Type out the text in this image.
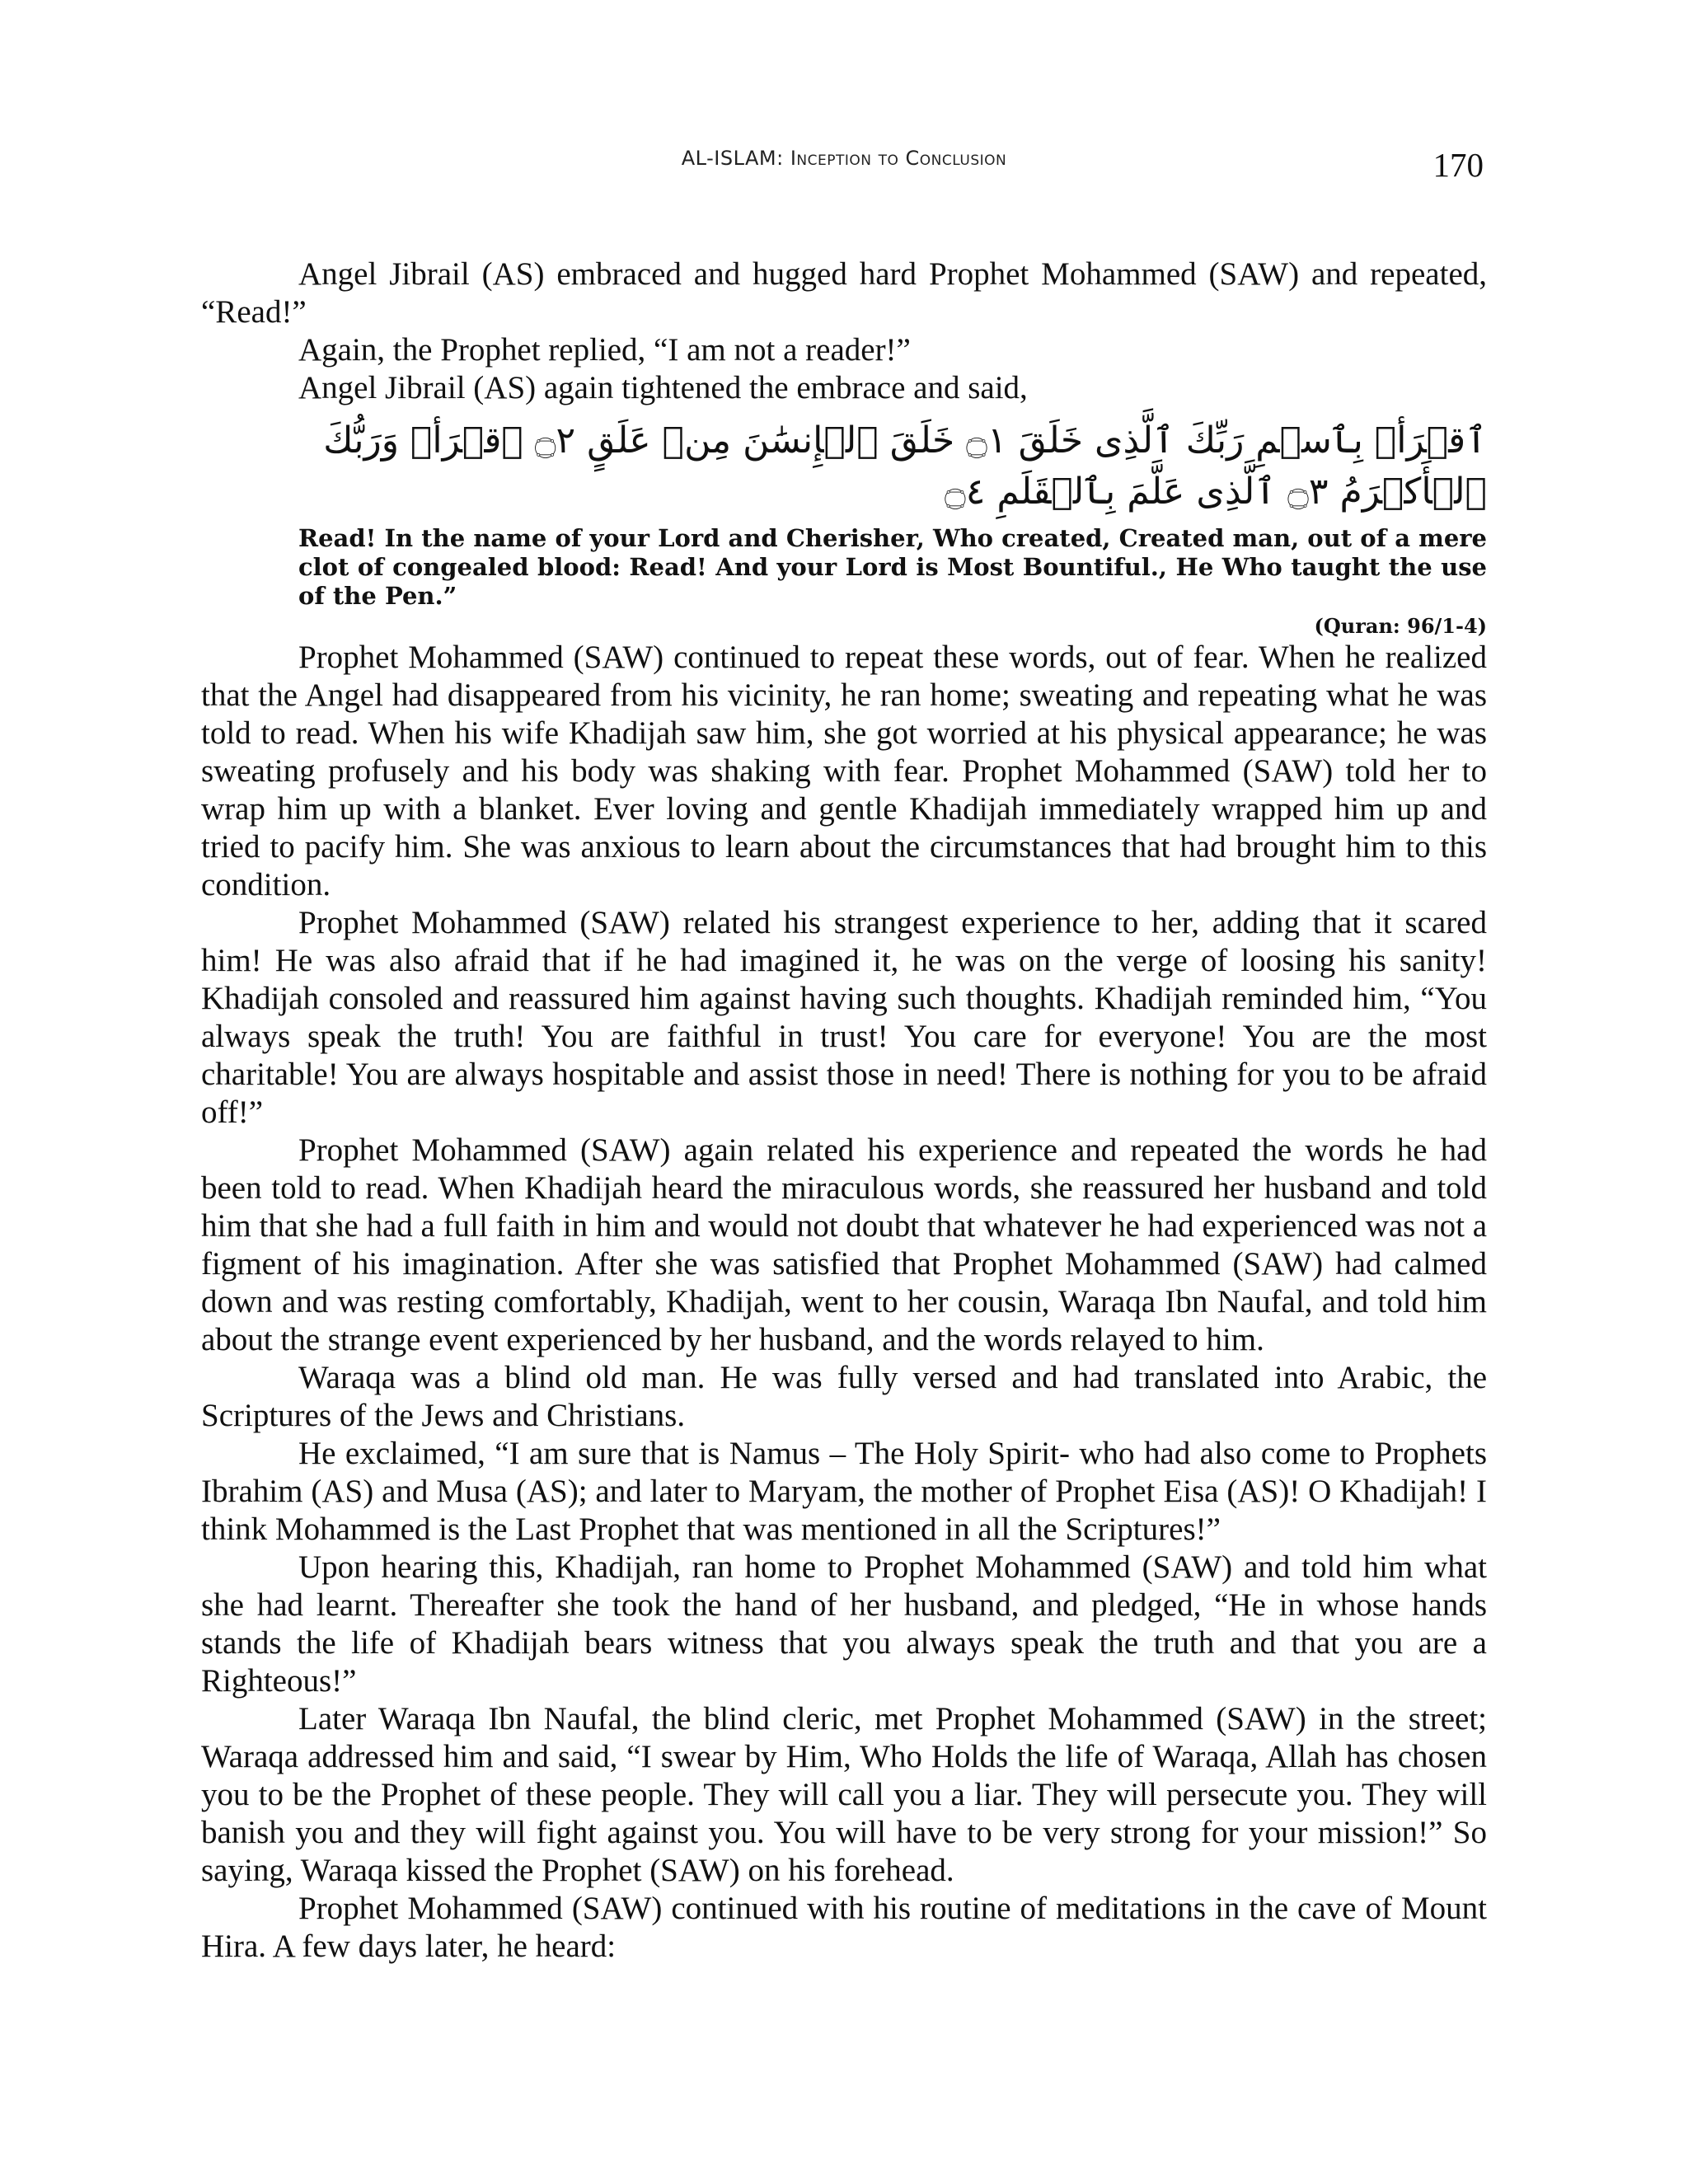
AL-ISLAM: Inception to Conclusion	170

Angel Jibrail (AS) embraced and hugged hard Prophet Mohammed (SAW) and repeated, “Read!”

Again, the Prophet replied, “I am not a reader!”

Angel Jibrail (AS) again tightened the embrace and said,

ٱقۡرَأۡ بِٱسۡمِ رَبِّكَ ٱلَّذِى خَلَقَ ۝١ خَلَقَ ٱلۡإِنسَٰنَ مِنۡ عَلَقٍ ۝٢ ٱقۡرَأۡ وَرَبُّكَ ٱلۡأَكۡرَمُ ۝٣ ٱلَّذِى عَلَّمَ بِٱلۡقَلَمِ ۝٤

Read! In the name of your Lord and Cherisher, Who created, Created man, out of a mere clot of congealed blood: Read! And your Lord is Most Bountiful., He Who taught the use of the Pen.”

(Quran: 96/1-4)

Prophet Mohammed (SAW) continued to repeat these words, out of fear. When he realized that the Angel had disappeared from his vicinity, he ran home; sweating and repeating what he was told to read. When his wife Khadijah saw him, she got worried at his physical appearance; he was sweating profusely and his body was shaking with fear. Prophet Mohammed (SAW) told her to wrap him up with a blanket. Ever loving and gentle Khadijah immediately wrapped him up and tried to pacify him. She was anxious to learn about the circumstances that had brought him to this condition.

Prophet Mohammed (SAW) related his strangest experience to her, adding that it scared him! He was also afraid that if he had imagined it, he was on the verge of loosing his sanity! Khadijah consoled and reassured him against having such thoughts. Khadijah reminded him, “You always speak the truth! You are faithful in trust! You care for everyone! You are the most charitable! You are always hospitable and assist those in need! There is nothing for you to be afraid off!”

Prophet Mohammed (SAW) again related his experience and repeated the words he had been told to read. When Khadijah heard the miraculous words, she reassured her husband and told him that she had a full faith in him and would not doubt that whatever he had experienced was not a figment of his imagination. After she was satisfied that Prophet Mohammed (SAW) had calmed down and was resting comfortably, Khadijah, went to her cousin, Waraqa Ibn Naufal, and told him about the strange event experienced by her husband, and the words relayed to him.

Waraqa was a blind old man. He was fully versed and had translated into Arabic, the Scriptures of the Jews and Christians.

He exclaimed, “I am sure that is Namus – The Holy Spirit- who had also come to Prophets Ibrahim (AS) and Musa (AS); and later to Maryam, the mother of Prophet Eisa (AS)! O Khadijah! I think Mohammed is the Last Prophet that was mentioned in all the Scriptures!”

Upon hearing this, Khadijah, ran home to Prophet Mohammed (SAW) and told him what she had learnt. Thereafter she took the hand of her husband, and pledged, “He in whose hands stands the life of Khadijah bears witness that you always speak the truth and that you are a Righteous!”

Later Waraqa Ibn Naufal, the blind cleric, met Prophet Mohammed (SAW) in the street; Waraqa addressed him and said, “I swear by Him, Who Holds the life of Waraqa, Allah has chosen you to be the Prophet of these people. They will call you a liar. They will persecute you. They will banish you and they will fight against you. You will have to be very strong for your mission!” So saying, Waraqa kissed the Prophet (SAW) on his forehead.

Prophet Mohammed (SAW) continued with his routine of meditations in the cave of Mount Hira. A few days later, he heard:
